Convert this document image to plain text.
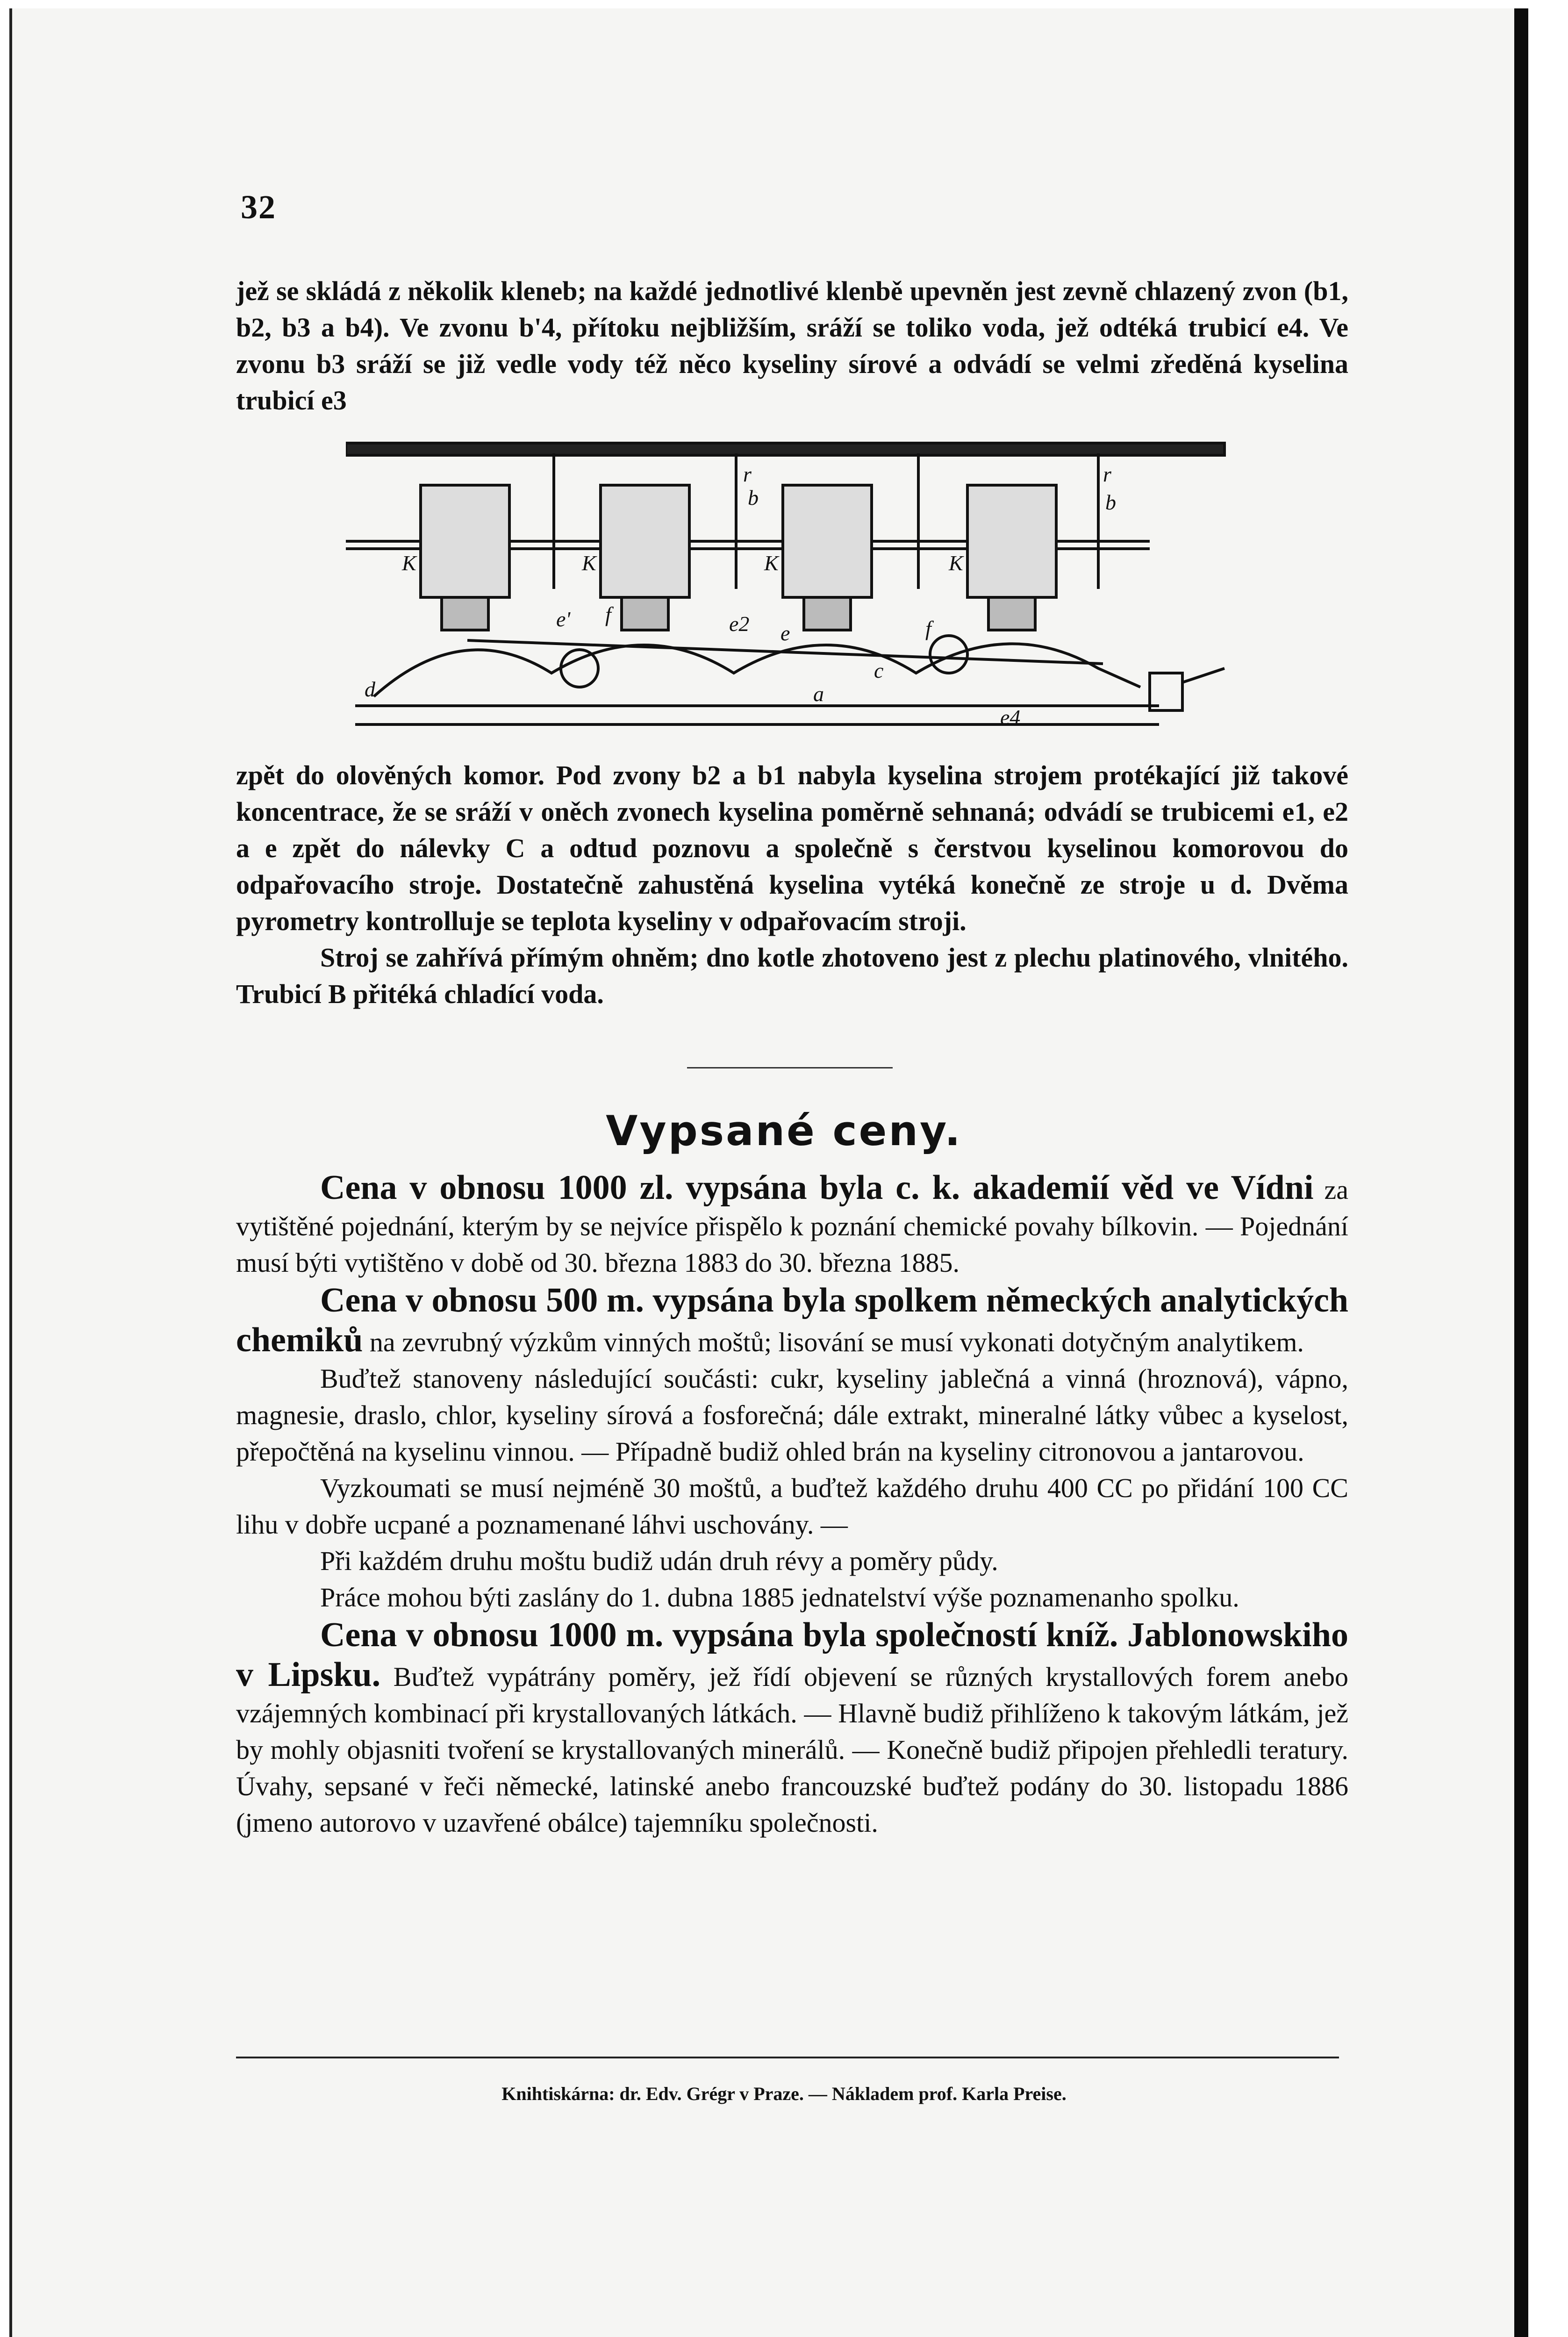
32

jež se skládá z několik kleneb; na každé jednotlivé klenbě upevněn jest zevně chlazený zvon (b1, b2, b3 a b4). Ve zvonu b'4, přítoku nejbližším, sráží se toliko voda, jež odtéká trubicí e4. Ve zvonu b3 sráží se již vedle vody též něco kyseliny sírové a odvádí se velmi zředěná kyselina trubicí e3

r	r
b
b
K	K	K	K
f
f
e'	e2 e
c
d	a
e4

zpět do olověných komor. Pod zvony b2 a b1 nabyla kyselina strojem protékající již takové koncentrace, že se sráží v oněch zvonech kyselina poměrně sehnaná; odvádí se trubicemi e1, e2 a e zpět do nálevky C a odtud poznovu a společně s čerstvou kyselinou komorovou do odpařovacího stroje. Dostatečně zahustěná kyselina vytéká konečně ze stroje u d. Dvěma pyrometry kontrolluje se teplota kyseliny v odpařovacím stroji.

Stroj se zahřívá přímým ohněm; dno kotle zhotoveno jest z plechu platinového, vlnitého. Trubicí B přitéká chladící voda.

Vypsané ceny.

Cena v obnosu 1000 zl. vypsána byla c. k. akademií věd ve Vídni za vytištěné pojednání, kterým by se nejvíce přispělo k poznání chemické povahy bílkovin. — Pojednání musí býti vytištěno v době od 30. března 1883 do 30. března 1885.

Cena v obnosu 500 m. vypsána byla spolkem německých analytických chemiků na zevrubný výzkům vinných moštů; lisování se musí vykonati dotyčným analytikem.

Buďtež stanoveny následující součásti: cukr, kyseliny jablečná a vinná (hroznová), vápno, magnesie, draslo, chlor, kyseliny sírová a fosforečná; dále extrakt, mineralné látky vůbec a kyselost, přepočtěná na kyselinu vinnou. — Případně budiž ohled brán na kyseliny citronovou a jantarovou.

Vyzkoumati se musí nejméně 30 moštů, a buďtež každého druhu 400 CC po přidání 100 CC lihu v dobře ucpané a poznamenané láhvi uschovány. —

Při každém druhu moštu budiž udán druh révy a poměry půdy.

Práce mohou býti zaslány do 1. dubna 1885 jednatelství výše poznamenanho spolku.

Cena v obnosu 1000 m. vypsána byla společností kníž. Jablonowskiho v Lipsku. Buďtež vypátrány poměry, jež řídí objevení se různých krystallových forem anebo vzájemných kombinací při krystallovaných látkách. — Hlavně budiž přihlíženo k takovým látkám, jež by mohly objasniti tvoření se krystallovaných minerálů. — Konečně budiž připojen přehledli teratury. Úvahy, sepsané v řeči německé, latinské anebo francouzské buďtež podány do 30. listopadu 1886 (jmeno autorovo v uzavřené obálce) tajemníku společnosti.

Knihtiskárna: dr. Edv. Grégr v Praze. — Nákladem prof. Karla Preise.
